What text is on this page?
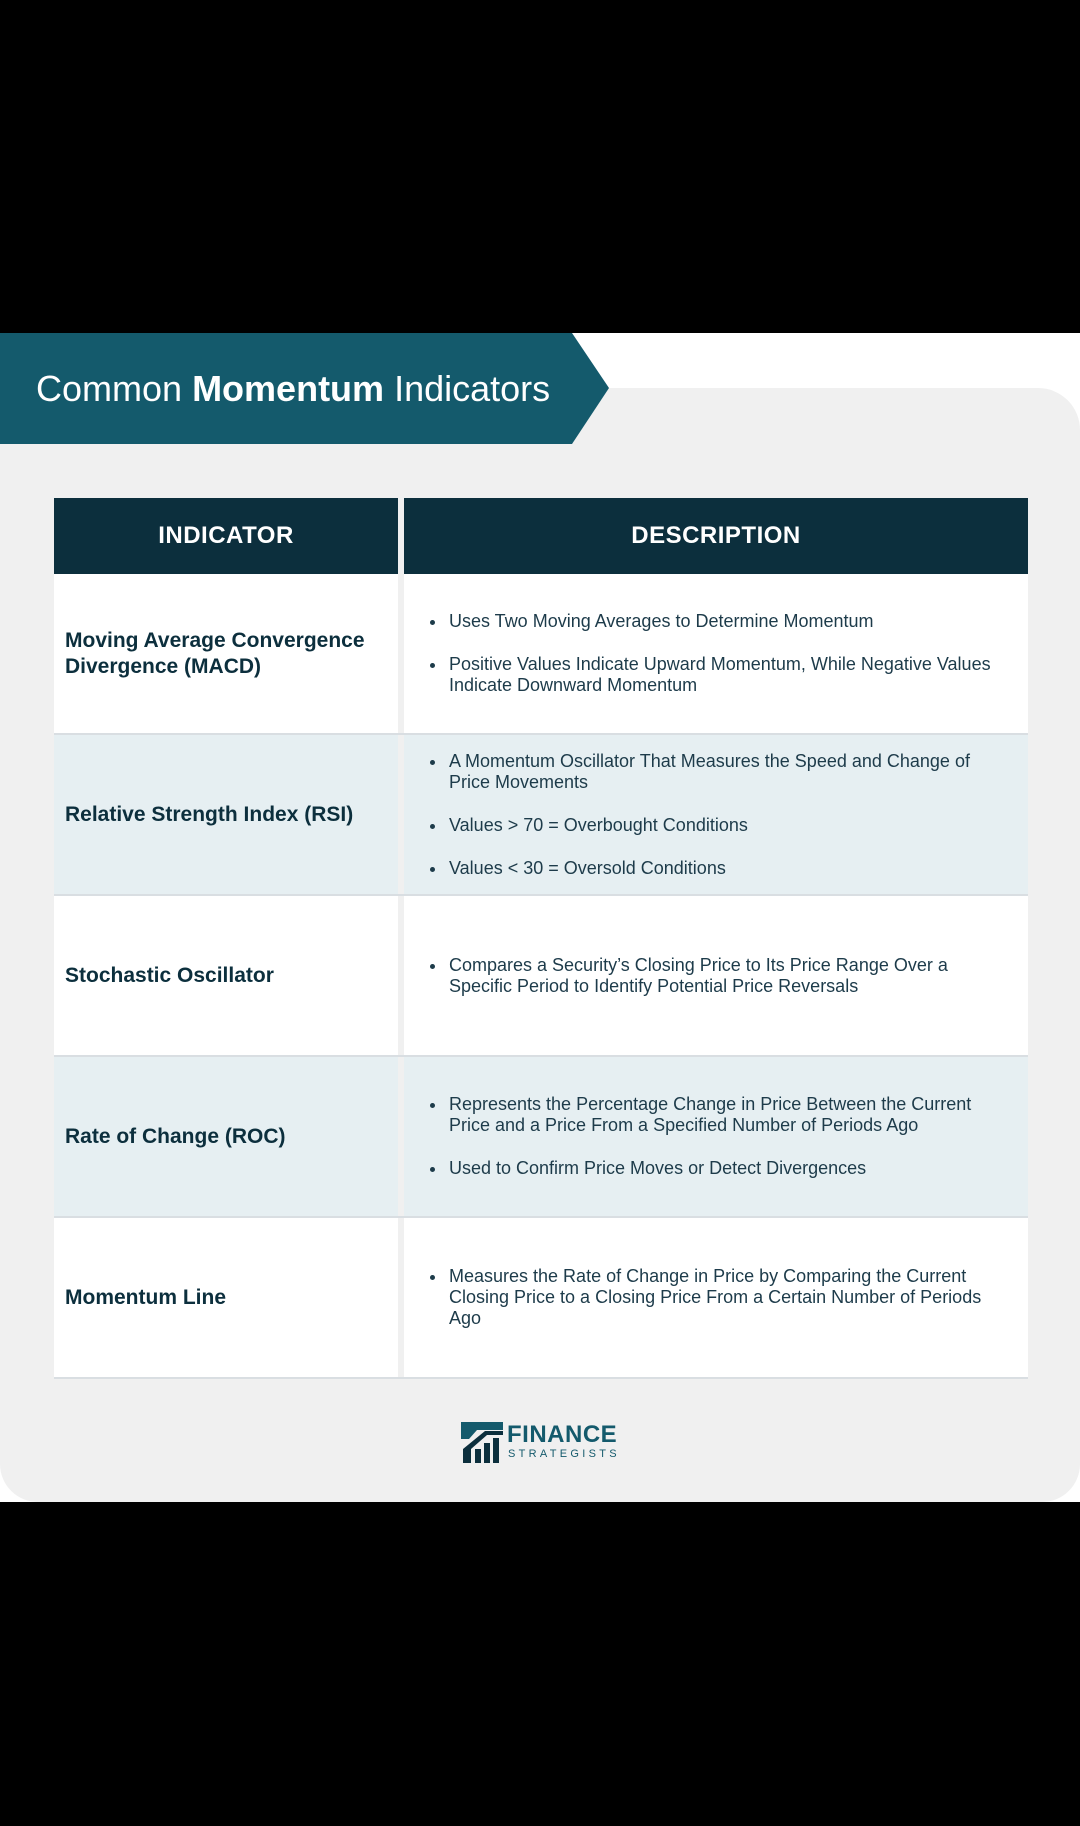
Common Momentum Indicators
INDICATOR	DESCRIPTION
Moving Average Convergence Divergence (MACD)
Uses Two Moving Averages to Determine Momentum
Positive Values Indicate Upward Momentum, While Negative Values Indicate Downward Momentum
Relative Strength Index (RSI)
A Momentum Oscillator That Measures the Speed and Change of Price Movements
Values > 70 = Overbought Conditions
Values < 30 = Oversold Conditions
Stochastic Oscillator	Compares a Security’s Closing Price to Its Price Range Over a Specific Period to Identify Potential Price Reversals
Rate of Change (ROC)
Represents the Percentage Change in Price Between the Current Price and a Price From a Specified Number of Periods Ago
Used to Confirm Price Moves or Detect Divergences
Momentum Line
Measures the Rate of Change in Price by Comparing the Current Closing Price to a Closing Price From a Certain Number of Periods Ago
FINANCE
STRATEGISTS
